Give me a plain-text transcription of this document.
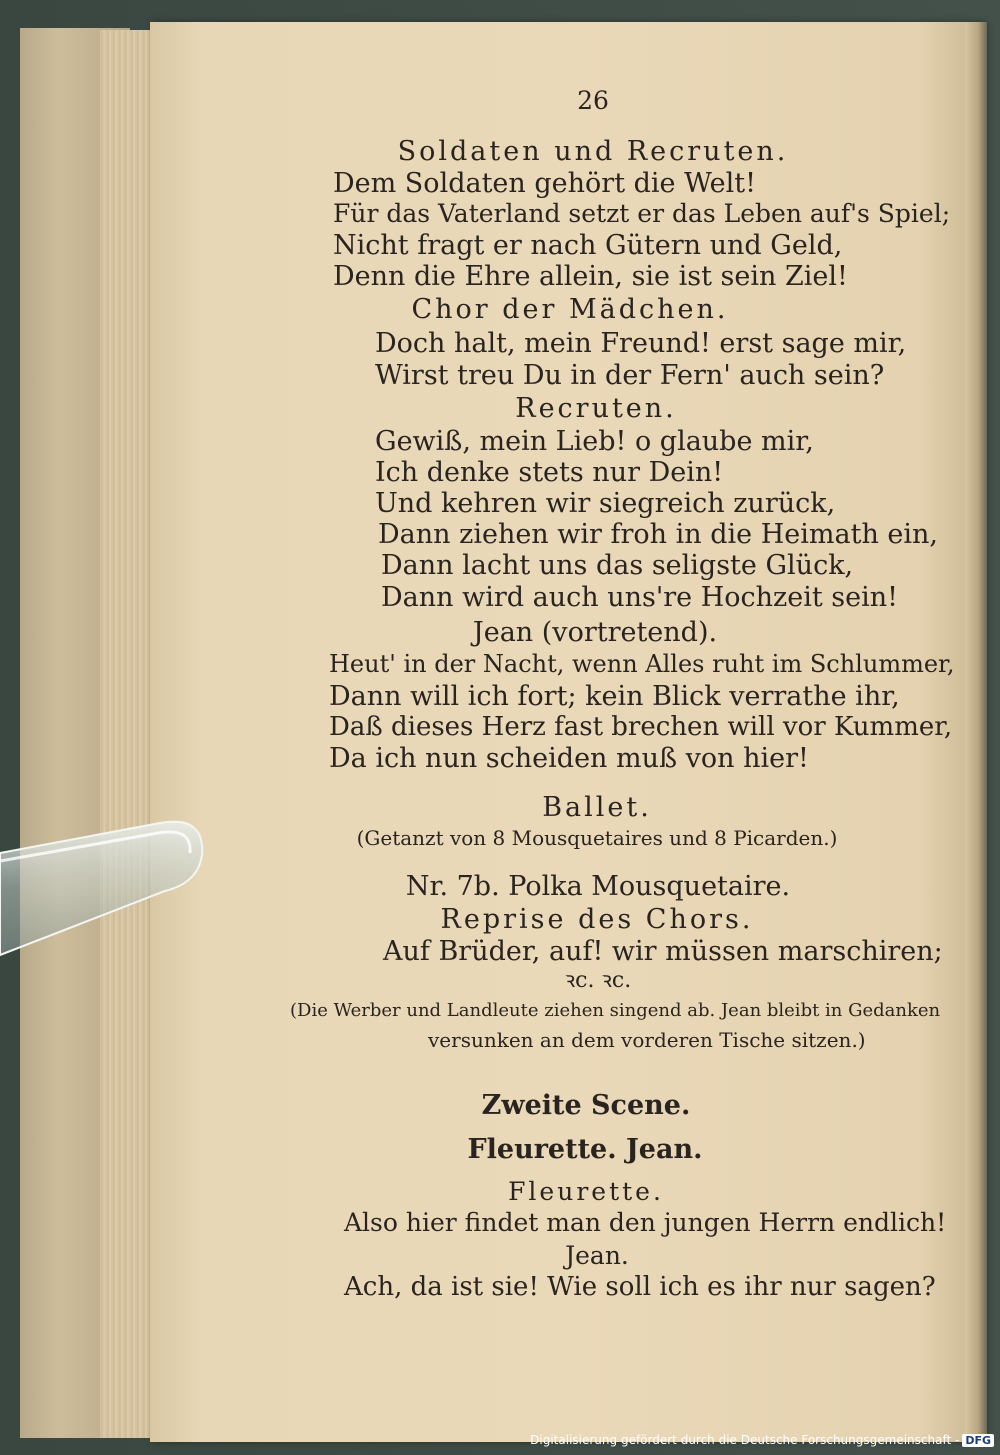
26
Soldaten und Recruten.
Dem Soldaten gehört die Welt!
Für das Vaterland setzt er das Leben auf's Spiel;
Nicht fragt er nach Gütern und Geld,
Denn die Ehre allein, sie ist sein Ziel!
Chor der Mädchen.
Doch halt, mein Freund! erst sage mir,
Wirst treu Du in der Fern' auch sein?
Recruten.
Gewiß, mein Lieb! o glaube mir,
Ich denke stets nur Dein!
Und kehren wir siegreich zurück,
Dann ziehen wir froh in die Heimath ein,
Dann lacht uns das seligste Glück,
Dann wird auch uns're Hochzeit sein!
Jean (vortretend).
Heut' in der Nacht, wenn Alles ruht im Schlummer,
Dann will ich fort; kein Blick verrathe ihr,
Daß dieses Herz fast brechen will vor Kummer,
Da ich nun scheiden muß von hier!
Ballet.
(Getanzt von 8 Mousquetaires und 8 Picarden.)
Nr. 7b. Polka Mousquetaire.
Reprise des Chors.
Auf Brüder, auf! wir müssen marschiren;
ꝛc. ꝛc.
(Die Werber und Landleute ziehen singend ab. Jean bleibt in Gedanken
versunken an dem vorderen Tische sitzen.)
Zweite Scene.
Fleurette. Jean.
Fleurette.
Also hier findet man den jungen Herrn endlich!
Jean.
Ach, da ist sie! Wie soll ich es ihr nur sagen?
Digitalisierung gefördert durch die Deutsche Forschungsgemeinschaft - DFG
